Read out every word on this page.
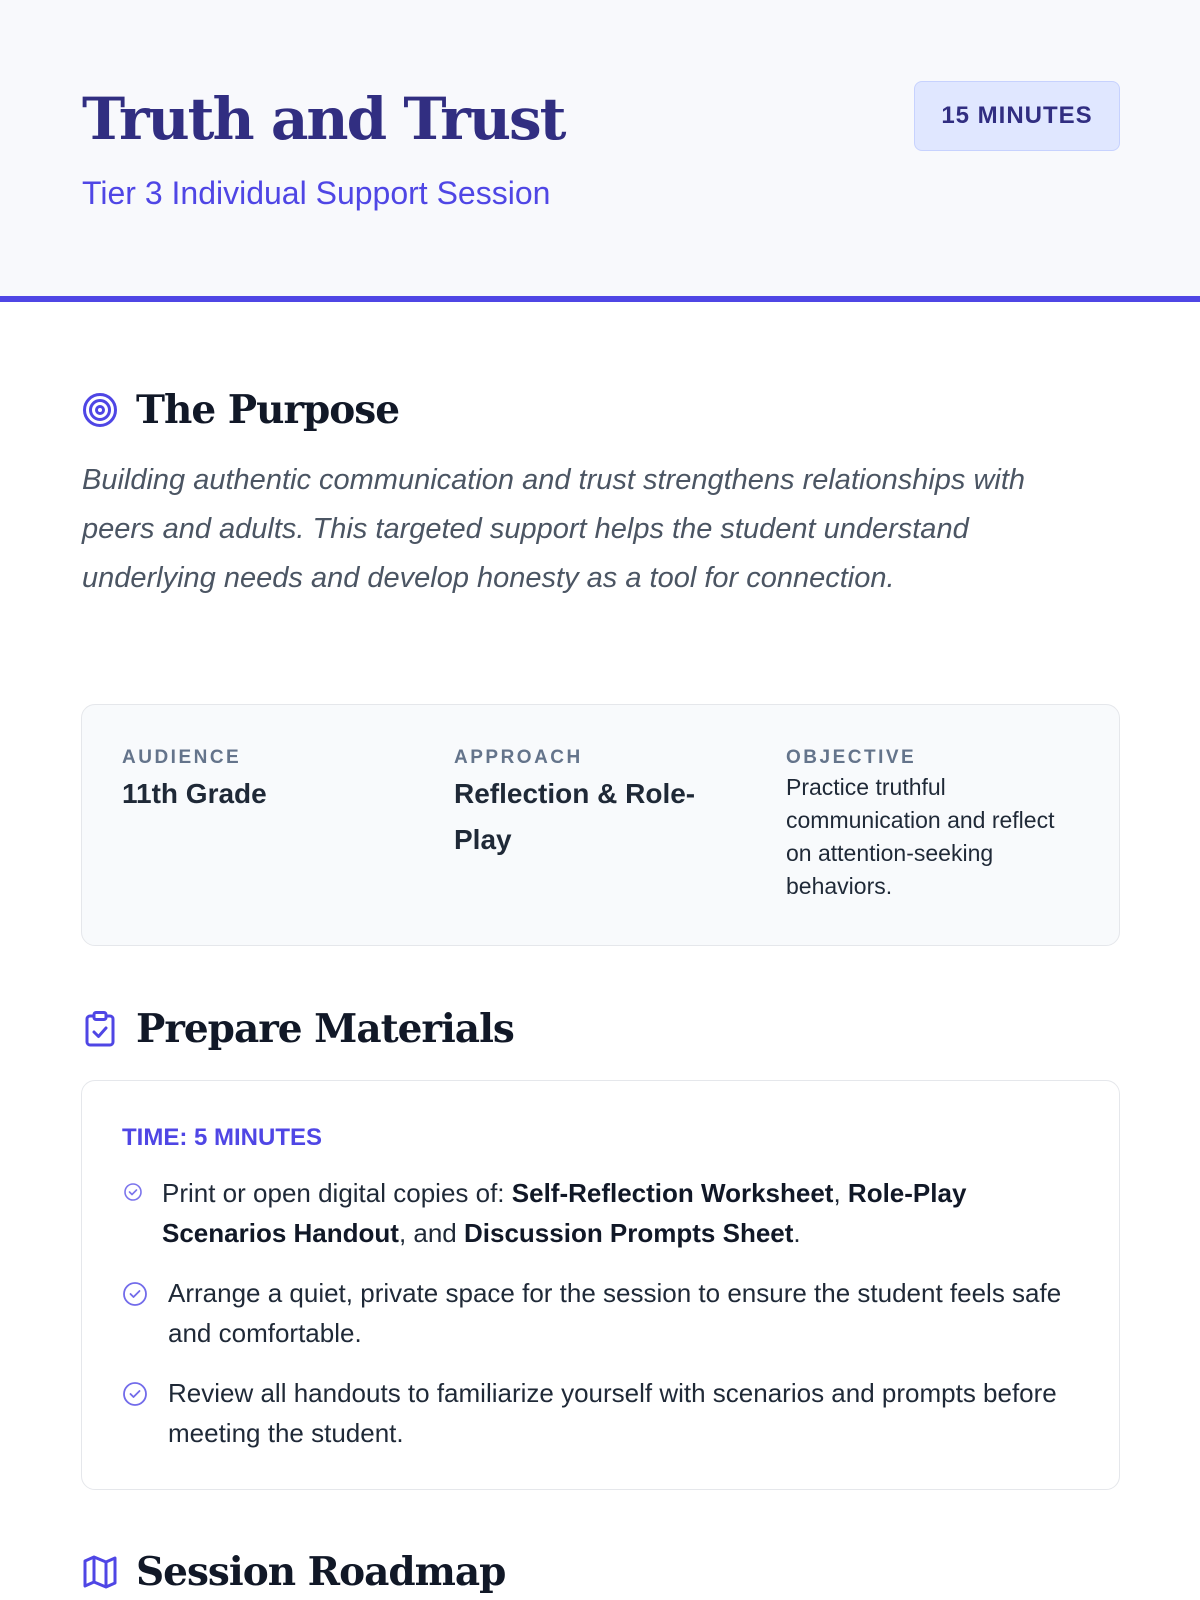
Truth and Trust
Tier 3 Individual Support Session
15 MINUTES
The Purpose

Building authentic communication and trust strengthens relationships with peers and adults. This targeted support helps the student understand underlying needs and develop honesty as a tool for connection.

AUDIENCE
11th Grade
APPROACH
Reflection & Role-Play
OBJECTIVE
Practice truthful communication and reflect on attention-seeking behaviors.
Prepare Materials
TIME: 5 MINUTES
Print or open digital copies of: Self-Reflection Worksheet, Role-Play Scenarios Handout, and Discussion Prompts Sheet.
Arrange a quiet, private space for the session to ensure the student feels safe and comfortable.
Review all handouts to familiarize yourself with scenarios and prompts before meeting the student.
Session Roadmap
